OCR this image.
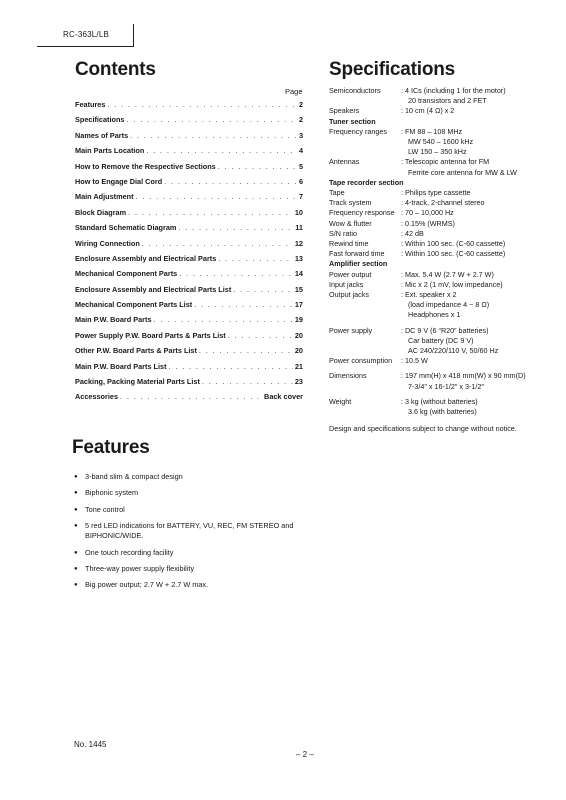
RC-363L/LB
Contents
Page
Features . . .	2
Specifications . . .	2
Names of Parts . . .	3
Main Parts Location . . .	4
How to Remove the Respective Sections . . .	5
How to Engage Dial Cord . . .	6
Main Adjustment . . .	7
Block Diagram . . .	10
Standard Schematic Diagram . . .	11
Wiring Connection . . .	12
Enclosure Assembly and Electrical Parts . . .	13
Mechanical Component Parts . . .	14
Enclosure Assembly and Electrical Parts List . . .	15
Mechanical Component Parts List . . .	17
Main P.W. Board Parts . . .	19
Power Supply P.W. Board Parts & Parts List . . .	20
Other P.W. Board Parts & Parts List . . .	20
Main P.W. Board Parts List . . .	21
Packing, Packing Material Parts List . . .	23
Accessories . . .	Back cover
Features
●	3-band slim & compact design
●	Biphonic system
●	Tone control
●	5 red LED indications for BATTERY, VU, REC, FM STEREO and BIPHONIC/WIDE.
●	One touch recording facility
●	Three-way power supply flexibility
●	Big power output; 2.7 W + 2.7 W max.
Specifications
Semiconductors	: 4 ICs (including 1 for the motor)
20 transistors and 2 FET
Speakers	: 10 cm (4 Ω) x 2
Tuner section
Frequency ranges	: FM 88 – 108 MHz
MW 540 – 1600 kHz
LW 150 – 350 kHz
Antennas	: Telescopic antenna for FM
Ferrite core antenna for MW & LW
Tape recorder section
Tape	: Philips type cassette
Track system	: 4-track, 2-channel stereo
Frequency response : 70 – 10,000 Hz
Wow & flutter	: 0.15% (WRMS)
S/N ratio	: 42 dB
Rewind time	: Within 100 sec. (C-60 cassette)
Fast forward time	: Within 100 sec. (C-60 cassette)
Amplifier section
Power output	: Max. 5.4 W (2.7 W + 2.7 W)
Input jacks	: Mic x 2 (1 mV, low impedance)
Output jacks	: Ext. speaker x 2
(load impedance 4 ~ 8 Ω)
Headphones x 1
Power supply	: DC 9 V (6 “R20” batteries)
Car battery (DC 9 V)
AC 240/220/110 V, 50/60 Hz
Power consumption	: 10.5 W
Dimensions	: 197 mm(H) x 418 mm(W) x 90 mm(D)
7-3/4″ x 16-1/2″ x 3-1/2″
Weight	: 3 kg (without batteries)
3.6 kg (with batteries)
Design and specifications subject to change without notice.
No. 1445
– 2 –
